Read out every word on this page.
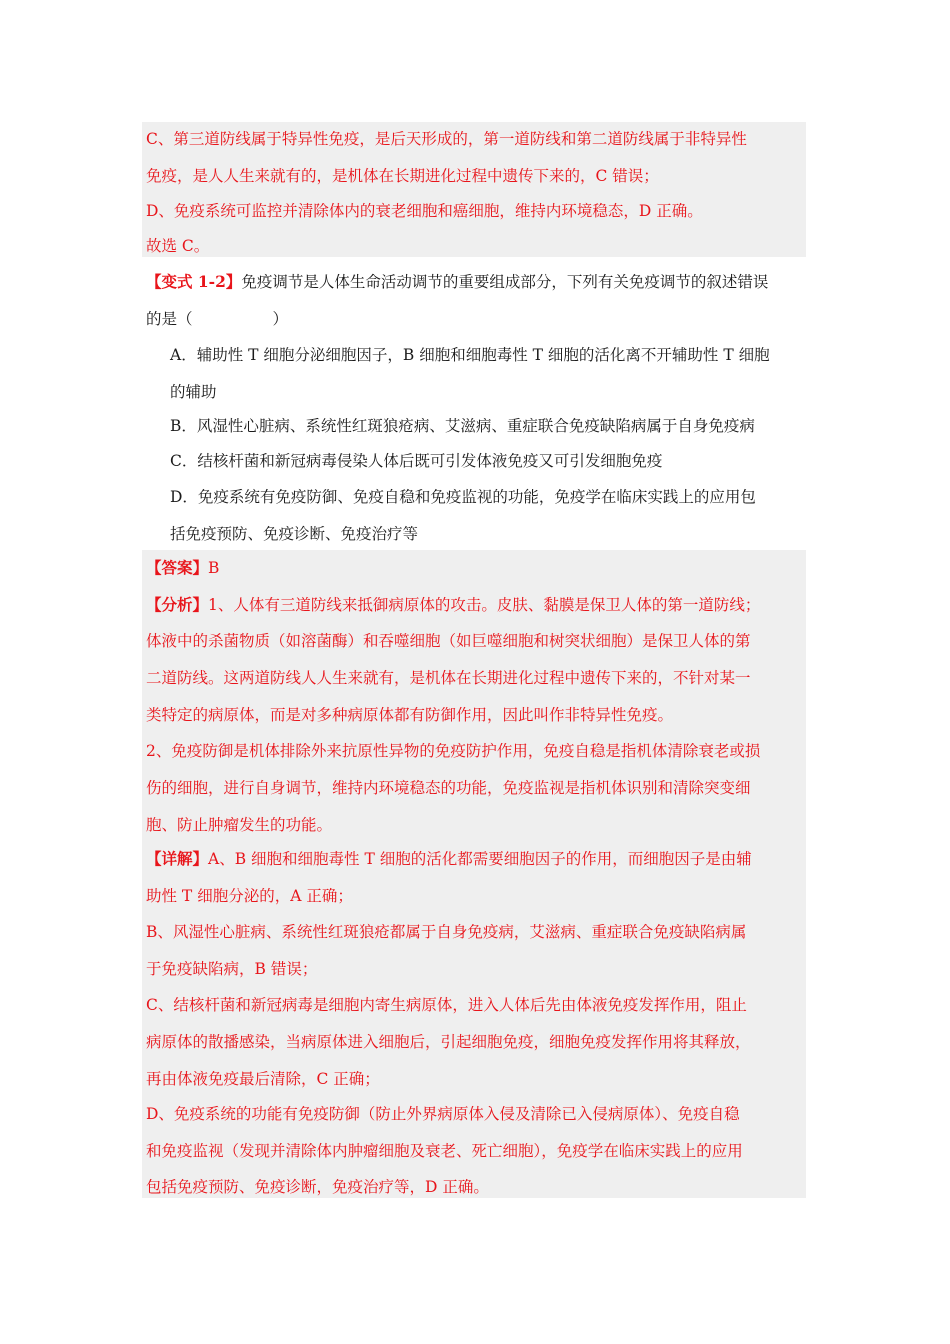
C、第三道防线属于特异性免疫，是后天形成的，第一道防线和第二道防线属于非特异性
免疫，是人人生来就有的，是机体在长期进化过程中遗传下来的，C 错误；
D、免疫系统可监控并清除体内的衰老细胞和癌细胞，维持内环境稳态，D 正确。
故选 C。
【变式 1-2】免疫调节是人体生命活动调节的重要组成部分，下列有关免疫调节的叙述错误
的是（	）
A．辅助性 T 细胞分泌细胞因子，B 细胞和细胞毒性 T 细胞的活化离不开辅助性 T 细胞
的辅助
B．风湿性心脏病、系统性红斑狼疮病、艾滋病、重症联合免疫缺陷病属于自身免疫病
C．结核杆菌和新冠病毒侵染人体后既可引发体液免疫又可引发细胞免疫
D．免疫系统有免疫防御、免疫自稳和免疫监视的功能，免疫学在临床实践上的应用包
括免疫预防、免疫诊断、免疫治疗等
【答案】B
【分析】1、人体有三道防线来抵御病原体的攻击。皮肤、黏膜是保卫人体的第一道防线；
体液中的杀菌物质（如溶菌酶）和吞噬细胞（如巨噬细胞和树突状细胞）是保卫人体的第
二道防线。这两道防线人人生来就有，是机体在长期进化过程中遗传下来的，不针对某一
类特定的病原体，而是对多种病原体都有防御作用，因此叫作非特异性免疫。
2、免疫防御是机体排除外来抗原性异物的免疫防护作用，免疫自稳是指机体清除衰老或损
伤的细胞，进行自身调节，维持内环境稳态的功能，免疫监视是指机体识别和清除突变细
胞、防止肿瘤发生的功能。
【详解】A、B 细胞和细胞毒性 T 细胞的活化都需要细胞因子的作用，而细胞因子是由辅
助性 T 细胞分泌的，A 正确；
B、风湿性心脏病、系统性红斑狼疮都属于自身免疫病，艾滋病、重症联合免疫缺陷病属
于免疫缺陷病，B 错误；
C、结核杆菌和新冠病毒是细胞内寄生病原体，进入人体后先由体液免疫发挥作用，阻止
病原体的散播感染，当病原体进入细胞后，引起细胞免疫，细胞免疫发挥作用将其释放，
再由体液免疫最后清除，C 正确；
D、免疫系统的功能有免疫防御（防止外界病原体入侵及清除已入侵病原体）、免疫自稳
和免疫监视（发现并清除体内肿瘤细胞及衰老、死亡细胞），免疫学在临床实践上的应用
包括免疫预防、免疫诊断，免疫治疗等，D 正确。
